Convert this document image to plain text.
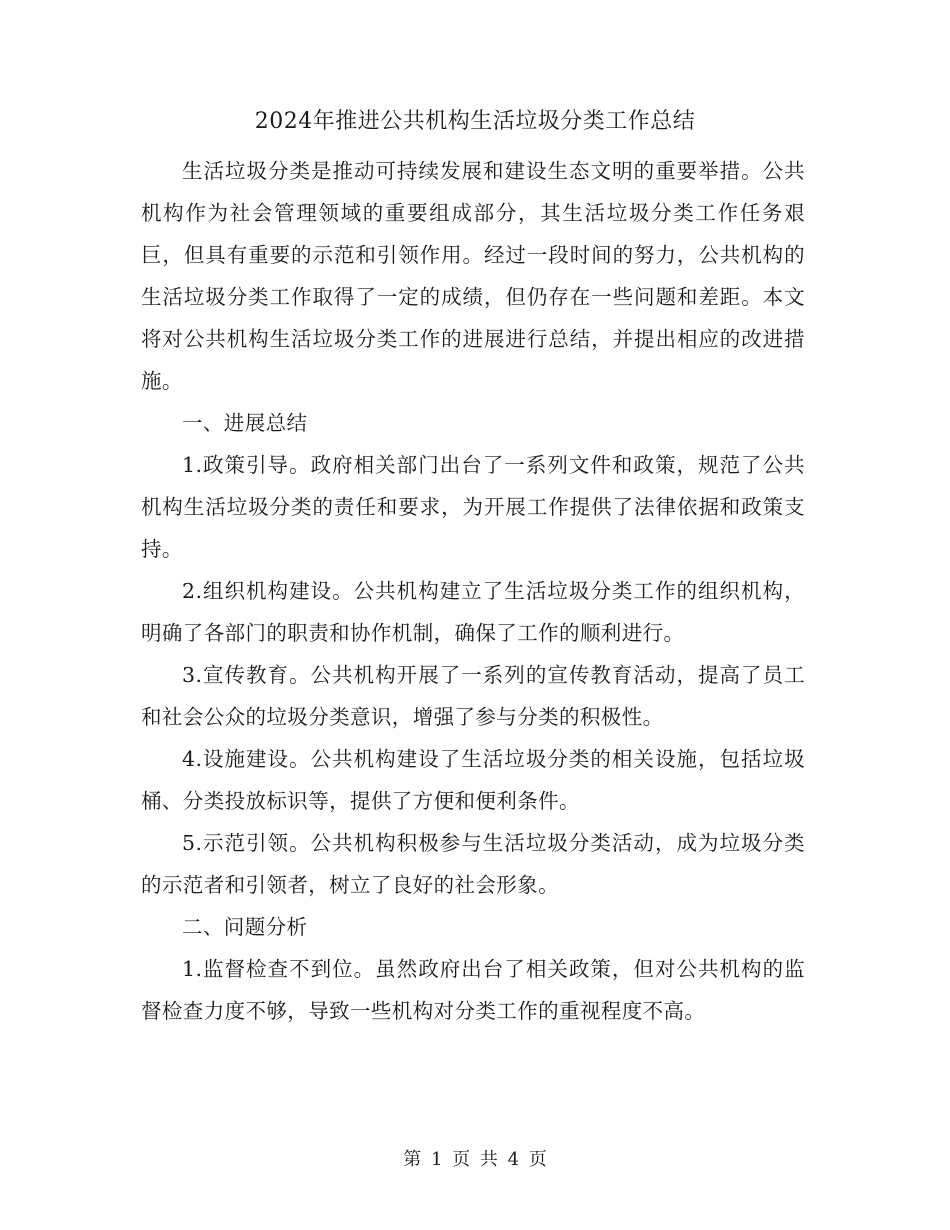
2024年推进公共机构生活垃圾分类工作总结

生活垃圾分类是推动可持续发展和建设生态文明的重要举措。公共机构作为社会管理领域的重要组成部分，其生活垃圾分类工作任务艰巨，但具有重要的示范和引领作用。经过一段时间的努力，公共机构的生活垃圾分类工作取得了一定的成绩，但仍存在一些问题和差距。本文将对公共机构生活垃圾分类工作的进展进行总结，并提出相应的改进措施。

一、进展总结

1.政策引导。政府相关部门出台了一系列文件和政策，规范了公共机构生活垃圾分类的责任和要求，为开展工作提供了法律依据和政策支持。

2.组织机构建设。公共机构建立了生活垃圾分类工作的组织机构，明确了各部门的职责和协作机制，确保了工作的顺利进行。

3.宣传教育。公共机构开展了一系列的宣传教育活动，提高了员工和社会公众的垃圾分类意识，增强了参与分类的积极性。

4.设施建设。公共机构建设了生活垃圾分类的相关设施，包括垃圾桶、分类投放标识等，提供了方便和便利条件。

5.示范引领。公共机构积极参与生活垃圾分类活动，成为垃圾分类的示范者和引领者，树立了良好的社会形象。

二、问题分析

1.监督检查不到位。虽然政府出台了相关政策，但对公共机构的监督检查力度不够，导致一些机构对分类工作的重视程度不高。

第 1 页 共 4 页
